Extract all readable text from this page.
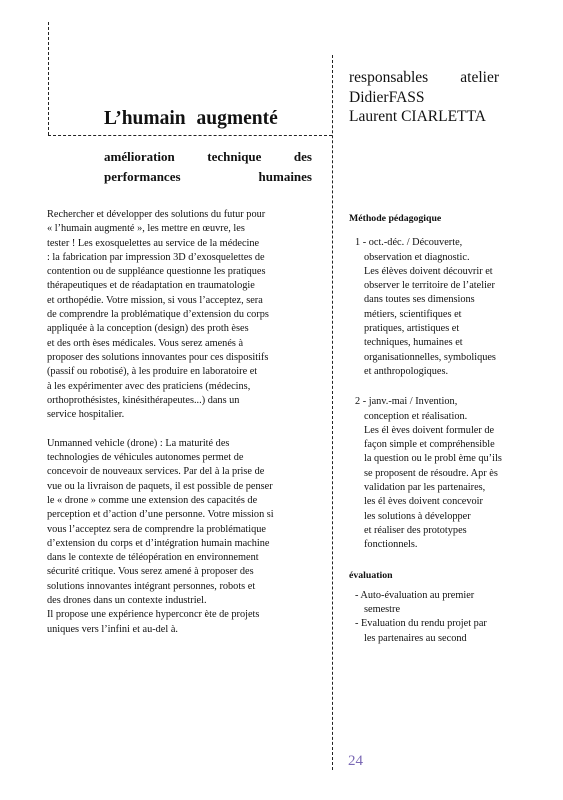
L’humain augmenté
amélioration technique des
performances humaines
responsables atelier
DidierFASS
Laurent CIARLETTA
Rechercher et développer des solutions du futur pour
« l’humain augmenté », les mettre en œuvre, les
tester ! Les exosquelettes au service de la médecine
: la fabrication par impression 3D d’exosquelettes de
contention ou de suppléance questionne les pratiques
thérapeutiques et de réadaptation en traumatologie
et orthopédie. Votre mission, si vous l’acceptez, sera
de comprendre la problématique d’extension du corps
appliquée à la conception (design) des proth èses
et des orth èses médicales. Vous serez amenés à
proposer des solutions innovantes pour ces dispositifs
(passif ou robotisé), à les produire en laboratoire et
à les expérimenter avec des praticiens (médecins,
orthoprothésistes, kinésithérapeutes...) dans un
service hospitalier.
Unmanned vehicle (drone) : La maturité des
technologies de véhicules autonomes permet de
concevoir de nouveaux services. Par del à la prise de
vue ou la livraison de paquets, il est possible de penser
le « drone » comme une extension des capacités de
perception et d’action d’une personne. Votre mission si
vous l’acceptez sera de comprendre la problématique
d’extension du corps et d’intégration humain machine
dans le contexte de téléopération en environnement
sécurité critique. Vous serez amené à proposer des
solutions innovantes intégrant personnes, robots et
des drones dans un contexte industriel.
Il propose une expérience hyperconcr ète de projets
uniques vers l’infini et au-del à.
Méthode pédagogique
1 - oct.-déc. / Découverte,
observation et diagnostic.
Les élèves doivent découvrir et
observer le territoire de l’atelier
dans toutes ses dimensions
métiers, scientifiques et
pratiques, artistiques et
techniques, humaines et
organisationnelles, symboliques
et anthropologiques.
2 - janv.-mai / Invention,
conception et réalisation.
Les él èves doivent formuler de
façon simple et compréhensible
la question ou le probl ème qu’ils
se proposent de résoudre. Apr ès
validation par les partenaires,
les él èves doivent concevoir
les solutions à développer
et réaliser des prototypes
fonctionnels.
évaluation
- Auto-évaluation au premier
semestre
- Evaluation du rendu projet par
les partenaires au second
24
